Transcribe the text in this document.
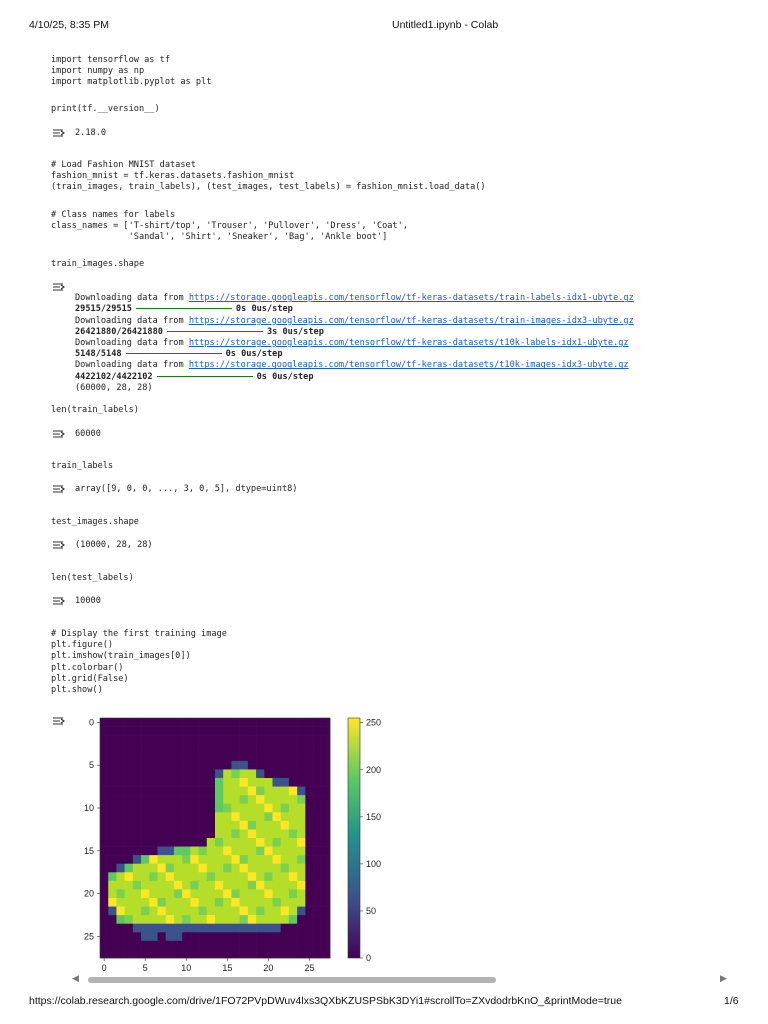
4/10/25, 8:35 PM	Untitled1.ipynb - Colab
import tensorflow as tf
import numpy as np
import matplotlib.pyplot as plt
print(tf.__version__)
2.18.0
# Load Fashion MNIST dataset
fashion_mnist = tf.keras.datasets.fashion_mnist
(train_images, train_labels), (test_images, test_labels) = fashion_mnist.load_data()
# Class names for labels
class_names = ['T-shirt/top', 'Trouser', 'Pullover', 'Dress', 'Coat',
'Sandal', 'Shirt', 'Sneaker', 'Bag', 'Ankle boot']
train_images.shape

Downloading data from https://storage.googleapis.com/tensorflow/tf-keras-datasets/train-labels-idx1-ubyte.gz
29515/29515	0s 0us/step
Downloading data from https://storage.googleapis.com/tensorflow/tf-keras-datasets/train-images-idx3-ubyte.gz
26421880/26421880	3s 0us/step
Downloading data from https://storage.googleapis.com/tensorflow/tf-keras-datasets/t10k-labels-idx1-ubyte.gz
5148/5148	0s 0us/step
Downloading data from https://storage.googleapis.com/tensorflow/tf-keras-datasets/t10k-images-idx3-ubyte.gz
4422102/4422102	0s 0us/step
(60000, 28, 28)

len(train_labels)
60000
train_labels
array([9, 0, 0, ..., 3, 0, 5], dtype=uint8)
test_images.shape
(10000, 28, 28)
len(test_labels)
10000
# Display the first training image
plt.figure()
plt.imshow(train_images[0])
plt.colorbar()
plt.grid(False)
plt.show()
0	5	10	15	20	25
0
5
10
15
20
25
0
50
100
150
200
250
◀	▶
https://colab.research.google.com/drive/1FO72PVpDWuv4lxs3QXbKZUSPSbK3DYi1#scrollTo=ZXvdodrbKnO_&printMode=true	1/6
